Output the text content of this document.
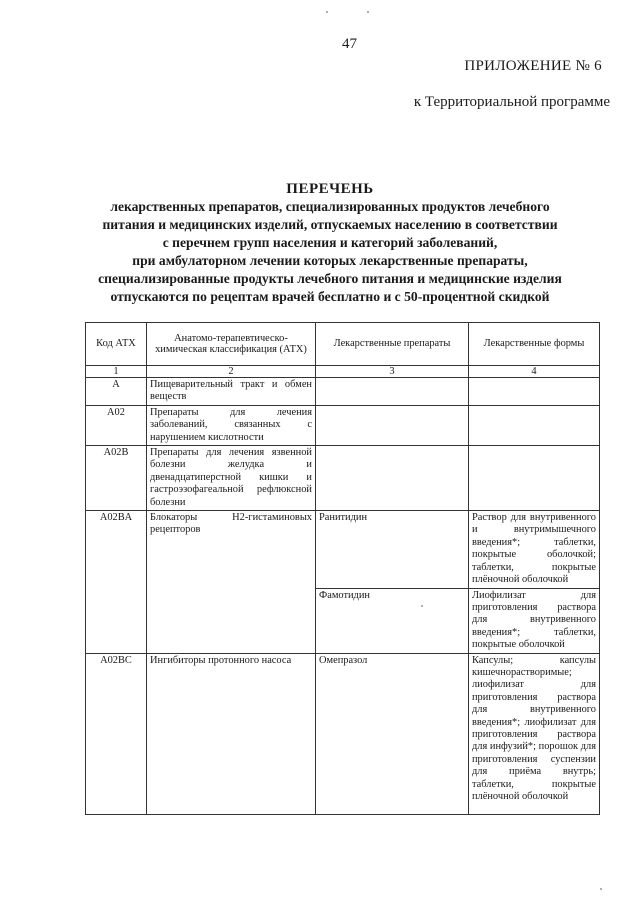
47
ПРИЛОЖЕНИЕ № 6
к Территориальной программе
ПЕРЕЧЕНЬ
лекарственных препаратов, специализированных продуктов лечебного
питания и медицинских изделий, отпускаемых населению в соответствии
с перечнем групп населения и категорий заболеваний,
при амбулаторном лечении которых лекарственные препараты,
специализированные продукты лечебного питания и медицинские изделия
отпускаются по рецептам врачей бесплатно и с 50-процентной скидкой
Код АТХ	Анатомо-терапевтическо-химическая классификация (АТХ)	Лекарственные препараты	Лекарственные формы
1	2	3	4
A	Пищеварительный тракт и обмен веществ		
A02	Препараты для лечения заболеваний, связанных с нарушением кислотности		
A02B	Препараты для лечения язвенной болезни желудка и двенадцатиперстной кишки и гастроэзофагеальной рефлюксной болезни		
A02BA	Блокаторы H2-гистаминовых рецепторов	Ранитидин	Раствор для внутривенного и внутримышечного введения*; таблетки, покрытые оболочкой; таблетки, покрытые плёночной оболочкой
		Фамотидин	Лиофилизат для приготовления раствора для внутривенного введения*; таблетки, покрытые оболочкой
A02BC	Ингибиторы протонного насоса	Омепразол	Капсулы; капсулы кишечнорастворимые; лиофилизат для приготовления раствора для внутривенного введения*; лиофилизат для приготовления раствора для инфузий*; порошок для приготовления суспензии для приёма внутрь; таблетки, покрытые плёночной оболочкой
